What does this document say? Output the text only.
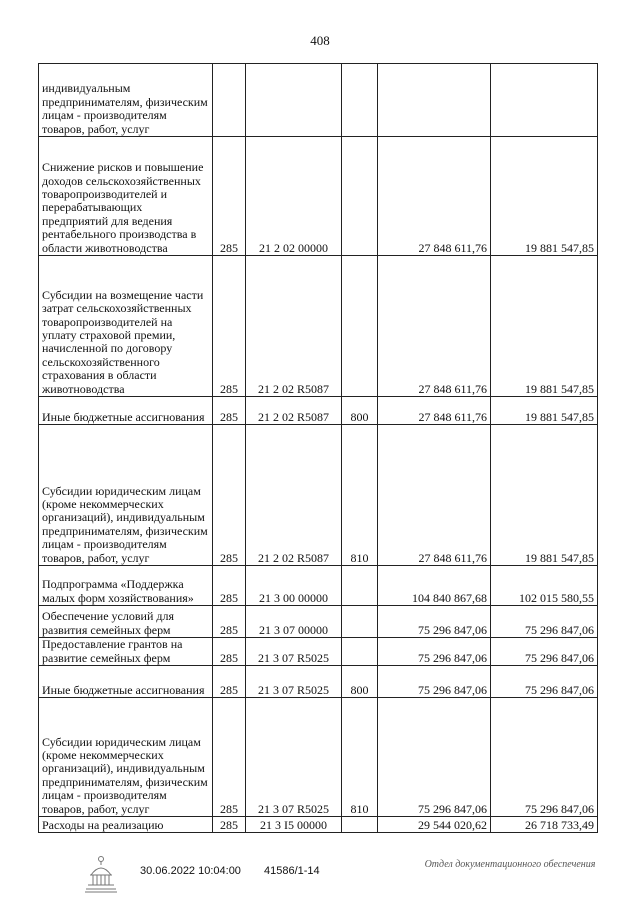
408
индивидуальным предпринимателям, физическим лицам - производителям товаров, работ, услуг					
Снижение рисков и повышение доходов сельскохозяйственных товаропроизводителей и перерабатывающих предприятий для ведения рентабельного производства в области животноводства	285	21 2 02 00000		27 848 611,76	19 881 547,85
Субсидии на возмещение части затрат сельскохозяйственных товаропроизводителей на уплату страховой премии, начисленной по договору сельскохозяйственного страхования в области животноводства	285	21 2 02 R5087		27 848 611,76	19 881 547,85
Иные бюджетные ассигнования	285	21 2 02 R5087	800	27 848 611,76	19 881 547,85
Субсидии юридическим лицам (кроме некоммерческих организаций), индивидуальным предпринимателям, физическим лицам - производителям товаров, работ, услуг	285	21 2 02 R5087	810	27 848 611,76	19 881 547,85
Подпрограмма «Поддержка малых форм хозяйствования»	285	21 3 00 00000		104 840 867,68	102 015 580,55
Обеспечение условий для развития семейных ферм	285	21 3 07 00000		75 296 847,06	75 296 847,06
Предоставление грантов на развитие семейных ферм	285	21 3 07 R5025		75 296 847,06	75 296 847,06
Иные бюджетные ассигнования	285	21 3 07 R5025	800	75 296 847,06	75 296 847,06
Субсидии юридическим лицам (кроме некоммерческих организаций), индивидуальным предпринимателям, физическим лицам - производителям товаров, работ, услуг	285	21 3 07 R5025	810	75 296 847,06	75 296 847,06
Расходы на реализацию	285	21 3 I5 00000		29 544 020,62	26 718 733,49
30.06.2022 10:04:00 41586/1-14
Отдел документационного обеспечения
